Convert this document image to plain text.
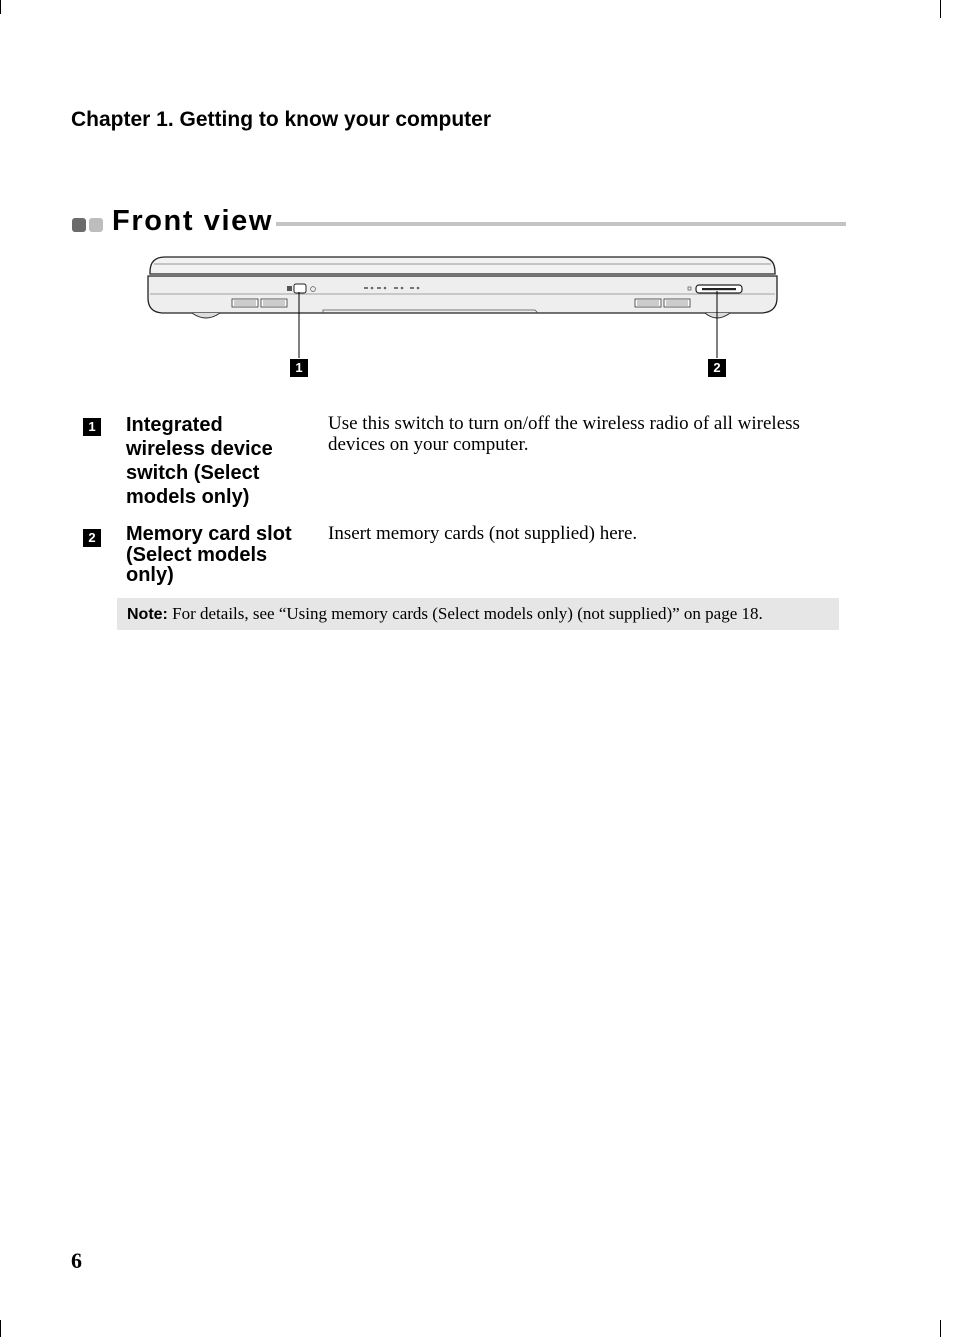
Chapter 1. Getting to know your computer
Front view
1	2
1 Integrated wireless device switch (Select models only)
Use this switch to turn on/off the wireless radio of all wireless devices on your computer.
2 Memory card slot (Select models only)
Insert memory cards (not supplied) here.
Note: For details, see “Using memory cards (Select models only) (not supplied)” on page 18.
6
